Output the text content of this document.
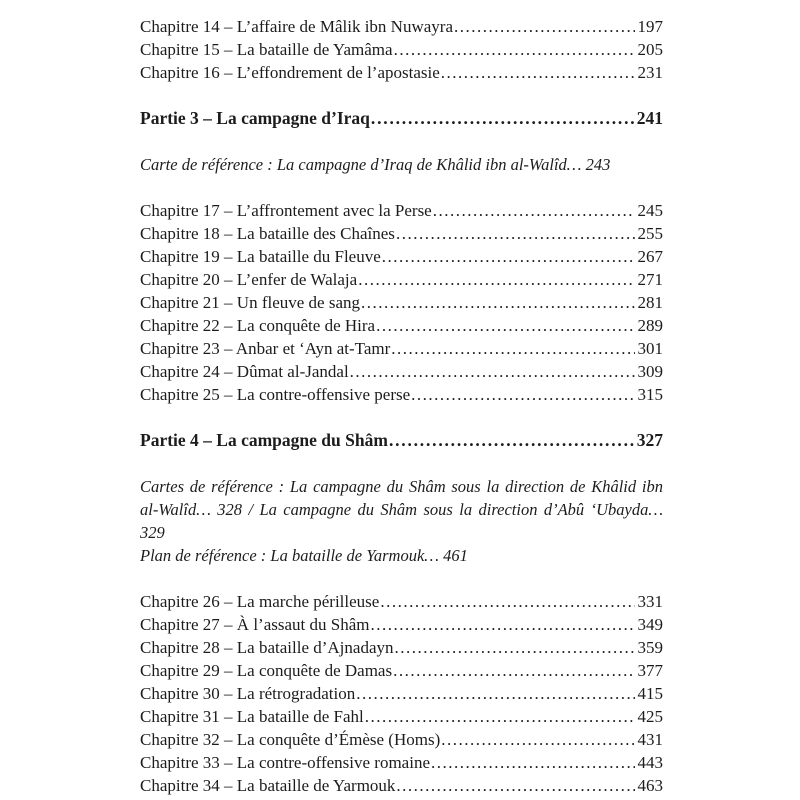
Chapitre 14 – L’affaire de Mâlik ibn Nuwayra .....	197
Chapitre 15 – La bataille de Yamâma .....	205
Chapitre 16 – L’effondrement de l’apostasie .....	231
Partie 3 – La campagne d’Iraq .....	241
Carte de référence : La campagne d’Iraq de Khâlid ibn al-Walîd… 243
Chapitre 17 – L’affrontement avec la Perse .....	245
Chapitre 18 – La bataille des Chaînes .....	255
Chapitre 19 – La bataille du Fleuve .....	267
Chapitre 20 – L’enfer de Walaja .....	271
Chapitre 21 – Un fleuve de sang .....	281
Chapitre 22 – La conquête de Hira .....	289
Chapitre 23 – Anbar et ‘Ayn at-Tamr .....	301
Chapitre 24 – Dûmat al-Jandal .....	309
Chapitre 25 – La contre-offensive perse .....	315
Partie 4 – La campagne du Shâm .....	327
Cartes de référence : La campagne du Shâm sous la direction de Khâlid ibn al-Walîd… 328 / La campagne du Shâm sous la direction d’Abû ‘Ubayda… 329
Plan de référence : La bataille de Yarmouk… 461
Chapitre 26 – La marche périlleuse .....	331
Chapitre 27 – À l’assaut du Shâm .....	349
Chapitre 28 – La bataille d’Ajnadayn .....	359
Chapitre 29 – La conquête de Damas .....	377
Chapitre 30 – La rétrogradation .....	415
Chapitre 31 – La bataille de Fahl .....	425
Chapitre 32 – La conquête d’Émèse (Homs) .....	431
Chapitre 33 – La contre-offensive romaine .....	443
Chapitre 34 – La bataille de Yarmouk .....	463
